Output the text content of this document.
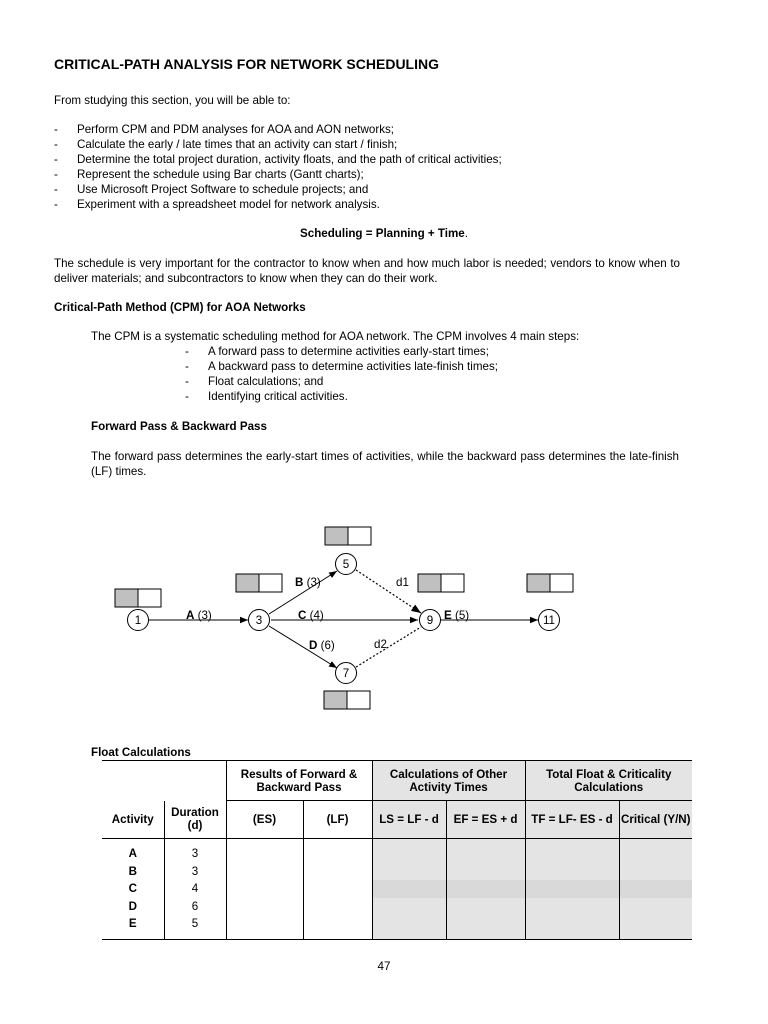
CRITICAL-PATH ANALYSIS FOR NETWORK SCHEDULING
From studying this section, you will be able to:
- Perform CPM and PDM analyses for AOA and AON networks;
- Calculate the early / late times that an activity can start / finish;
- Determine the total project duration, activity floats, and the path of critical activities;
- Represent the schedule using Bar charts (Gantt charts);
- Use Microsoft Project Software to schedule projects; and
- Experiment with a spreadsheet model for network analysis.
Scheduling = Planning + Time.
The schedule is very important for the contractor to know when and how much labor is needed; vendors to know when to deliver materials; and subcontractors to know when they can do their work.
Critical-Path Method (CPM) for AOA Networks
The CPM is a systematic scheduling method for AOA network. The CPM involves 4 main steps:
- A forward pass to determine activities early-start times;
- A backward pass to determine activities late-finish times;
- Float calculations; and
- Identifying critical activities.
Forward Pass & Backward Pass
The forward pass determines the early-start times of activities, while the backward pass determines the late-finish (LF) times.
1	3
5
7
9	11
A (3)
B (3)
C (4)
D (6)
E (5)
d1
d2
Float Calculations
		Results of Forward & Backward Pass		Calculations of Other Activity Times		Total Float & Criticality Calculations	
Activity	Duration (d)	(ES)	(LF)	LS = LF - d	EF = ES + d	TF = LF- ES - d	Critical (Y/N)
A	3						
B	3						
C	4						
D	6						
E	5						
47
